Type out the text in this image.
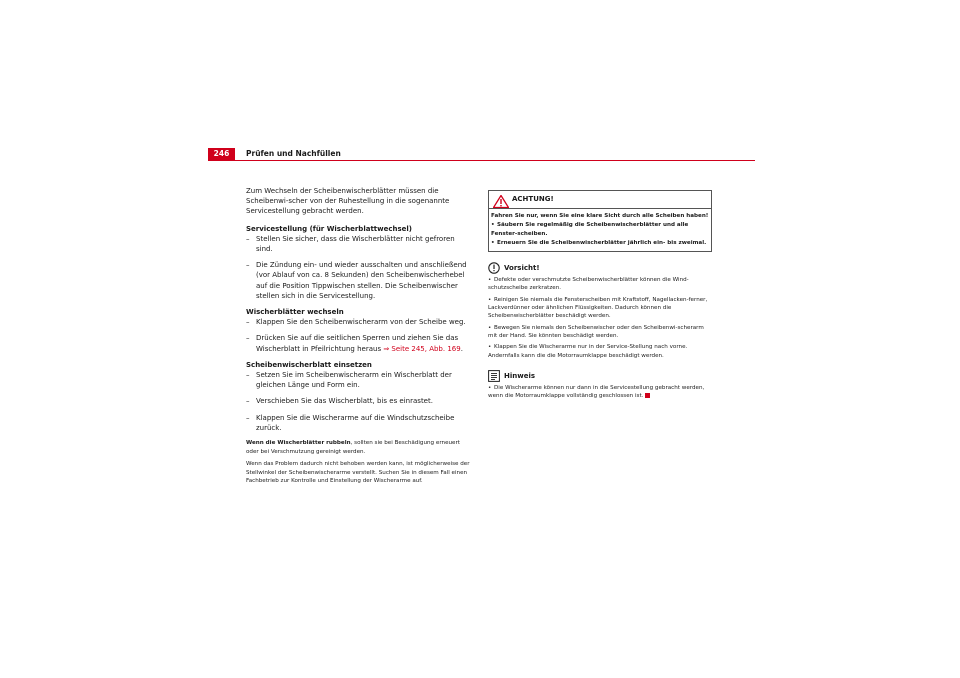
246	Prüfen und Nachfüllen

Zum Wechseln der Scheibenwischerblätter müssen die Scheibenwi-scher von der Ruhestellung in die sogenannte Servicestellung gebracht werden.

Servicestellung (für Wischerblattwechsel)
– Stellen Sie sicher, dass die Wischerblätter nicht gefroren sind.
– Die Zündung ein- und wieder ausschalten und anschließend (vor Ablauf von ca. 8 Sekunden) den Scheibenwischerhebel auf die Position Tippwischen stellen. Die Scheibenwischer stellen sich in die Servicestellung.
Wischerblätter wechseln
– Klappen Sie den Scheibenwischerarm von der Scheibe weg.
– Drücken Sie auf die seitlichen Sperren und ziehen Sie das Wischerblatt in Pfeilrichtung heraus ⇒ Seite 245, Abb. 169.
Scheibenwischerblatt einsetzen
– Setzen Sie im Scheibenwischerarm ein Wischerblatt der gleichen Länge und Form ein.
– Verschieben Sie das Wischerblatt, bis es einrastet.
– Klappen Sie die Wischerarme auf die Windschutzscheibe zurück.

Wenn die Wischerblätter rubbeln, sollten sie bei Beschädigung erneuert oder bei Verschmutzung gereinigt werden.

Wenn das Problem dadurch nicht behoben werden kann, ist möglicherweise der Stellwinkel der Scheibenwischerarme verstellt. Suchen Sie in diesem Fall einen Fachbetrieb zur Kontrolle und Einstellung der Wischerarme auf.

ACHTUNG!

Fahren Sie nur, wenn Sie eine klare Sicht durch alle Scheiben haben!

• Säubern Sie regelmäßig die Scheibenwischerblätter und alle Fenster-scheiben.

• Erneuern Sie die Scheibenwischerblätter jährlich ein- bis zweimal.

Vorsicht!

• Defekte oder verschmutzte Scheibenwischerblätter können die Wind-schutzscheibe zerkratzen.

• Reinigen Sie niemals die Fensterscheiben mit Kraftstoff, Nagellacken-ferner, Lackverdünner oder ähnlichen Flüssigkeiten. Dadurch können die Scheibenwischerblätter beschädigt werden.

• Bewegen Sie niemals den Scheibenwischer oder den Scheibenwi-scherarm mit der Hand. Sie könnten beschädigt werden.

• Klappen Sie die Wischerarme nur in der Service-Stellung nach vorne. Andernfalls kann die die Motorraumklappe beschädigt werden.

Hinweis

• Die Wischerarme können nur dann in die Servicestellung gebracht werden, wenn die Motorraumklappe vollständig geschlossen ist.
